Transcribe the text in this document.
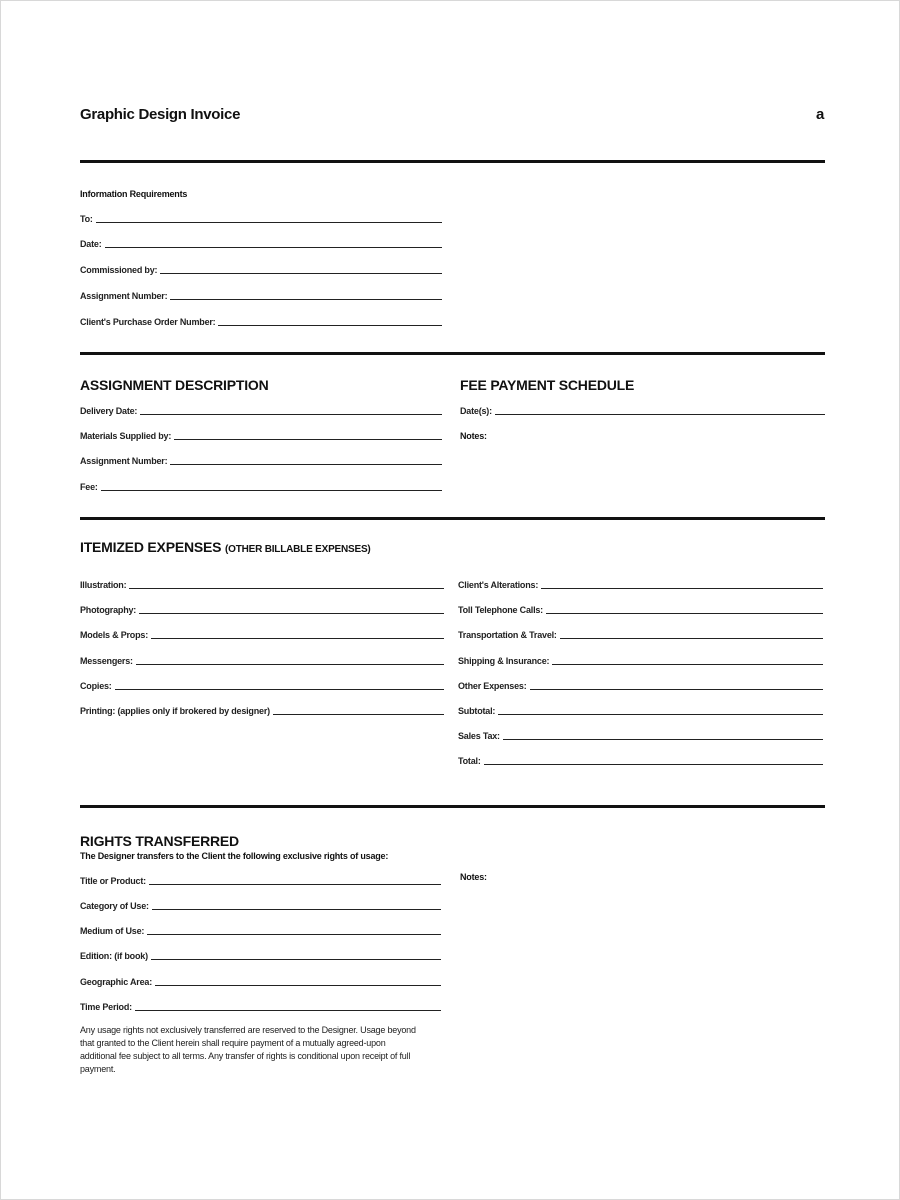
Graphic Design Invoice	a
Information Requirements
ASSIGNMENT DESCRIPTION	FEE PAYMENT SCHEDULE
ITEMIZED EXPENSES (OTHER BILLABLE EXPENSES)
RIGHTS TRANSFERRED
The Designer transfers to the Client the following exclusive rights of usage:
Notes:
Any usage rights not exclusively transferred are reserved to the Designer. Usage beyond that granted to the Client herein shall require payment of a mutually agreed-upon additional fee subject to all terms. Any transfer of rights is conditional upon receipt of full payment.
Notes:
To:
Date:
Commissioned by:
Assignment Number:
Client's Purchase Order Number:
Delivery Date:
Materials Supplied by:
Assignment Number:
Fee:
Illustration:
Photography:
Models & Props:
Messengers:
Copies:
Printing: (applies only if brokered by designer)
Client's Alterations:
Toll Telephone Calls:
Transportation & Travel:
Shipping & Insurance:
Other Expenses:
Subtotal:
Sales Tax:
Total:
Title or Product:
Category of Use:
Medium of Use:
Edition: (if book)
Geographic Area:
Time Period:
Date(s):
